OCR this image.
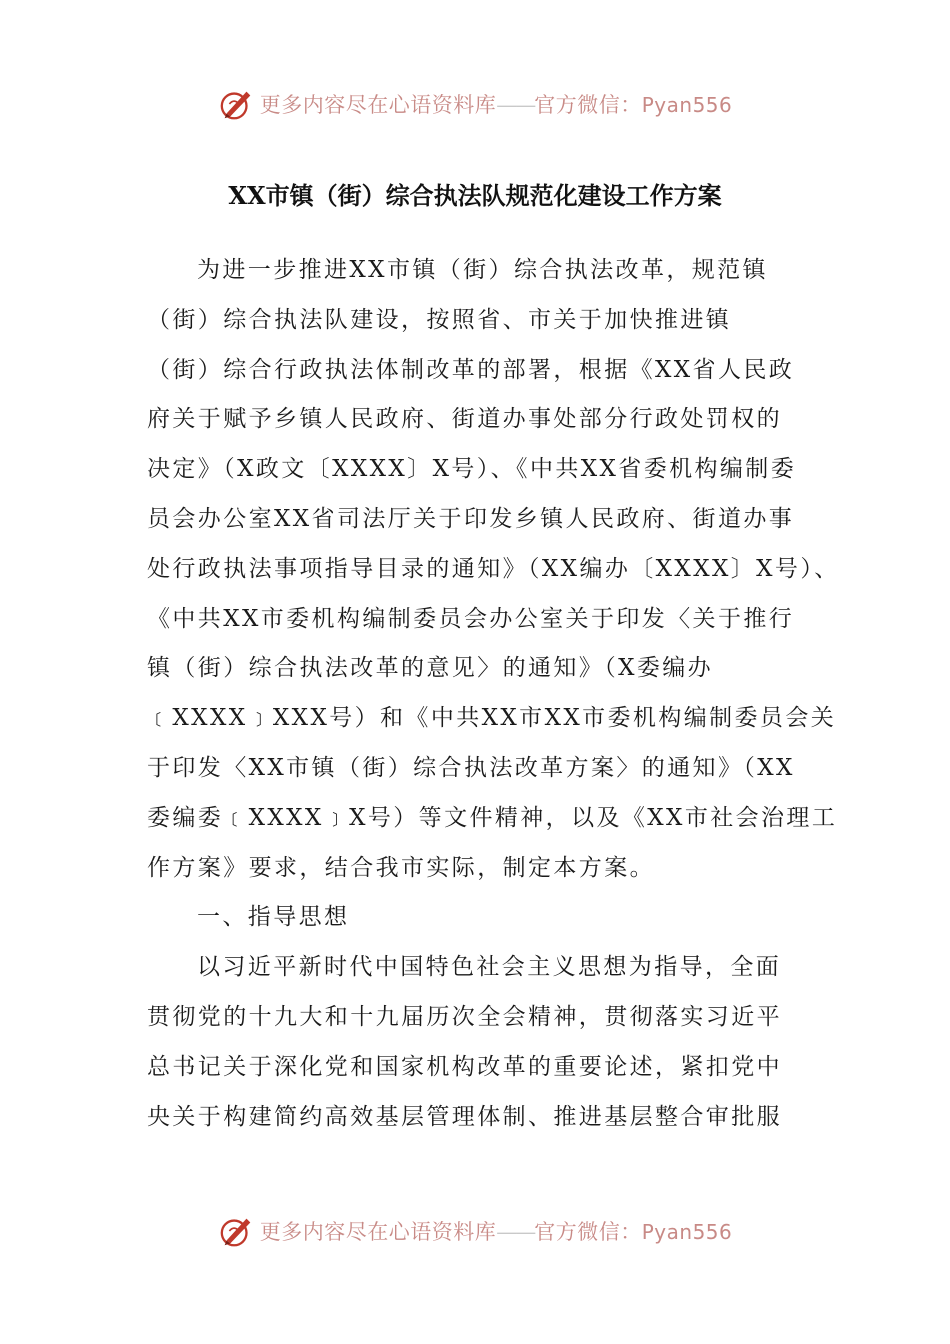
更多内容尽在心语资料库——官方微信：Pyan556
XX市镇（街）综合执法队规范化建设工作方案
为进一步推进XX市镇（街）综合执法改革，规范镇
（街）综合执法队建设，按照省、市关于加快推进镇
（街）综合行政执法体制改革的部署，根据《XX省人民政
府关于赋予乡镇人民政府、街道办事处部分行政处罚权的
决定》（X政文〔XXXX〕X号）、《中共XX省委机构编制委
员会办公室XX省司法厅关于印发乡镇人民政府、街道办事
处行政执法事项指导目录的通知》（XX编办〔XXXX〕X号）、
《中共XX市委机构编制委员会办公室关于印发〈关于推行
镇（街）综合执法改革的意见〉的通知》（X委编办
﹝XXXX﹞XXX号）和《中共XX市XX市委机构编制委员会关
于印发〈XX市镇（街）综合执法改革方案〉的通知》（XX
委编委﹝XXXX﹞X号）等文件精神，以及《XX市社会治理工
作方案》要求，结合我市实际，制定本方案。
一、指导思想
以习近平新时代中国特色社会主义思想为指导，全面
贯彻党的十九大和十九届历次全会精神，贯彻落实习近平
总书记关于深化党和国家机构改革的重要论述，紧扣党中
央关于构建简约高效基层管理体制、推进基层整合审批服
更多内容尽在心语资料库——官方微信：Pyan556
